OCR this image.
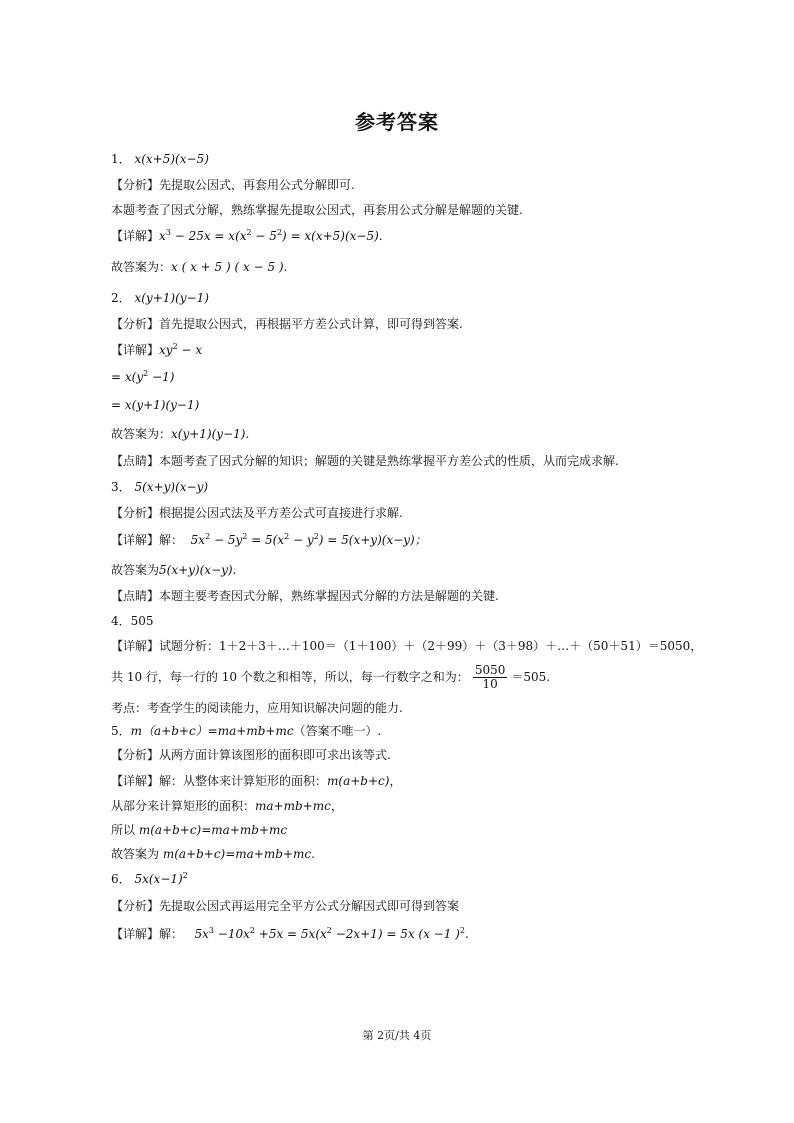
参考答案
1． x(x+5)(x−5)
【分析】先提取公因式，再套用公式分解即可.
本题考查了因式分解，熟练掌握先提取公因式，再套用公式分解是解题的关键.
【详解】$x^3 - 25x = x(x^2 - 5^2) = x(x+5)(x-5)$.
故答案为：x ( x + 5 ) ( x − 5 ).
2． x(y+1)(y−1)
【分析】首先提取公因式，再根据平方差公式计算，即可得到答案.
【详解】$xy^2 - x$
= $x(y^2 -1)$
= x(y+1)(y−1)
故答案为：x(y+1)(y−1).
【点睛】本题考查了因式分解的知识；解题的关键是熟练掌握平方差公式的性质，从而完成求解.
3． 5(x+y)(x−y)
【分析】根据提公因式法及平方差公式可直接进行求解.
【详解】解： $5x^2 - 5y^2 = 5(x^2 - y^2) = 5(x+y)(x-y)$；
故答案为5(x+y)(x−y).
【点睛】本题主要考查因式分解，熟练掌握因式分解的方法是解题的关键.
4．505
【详解】试题分析：1＋2＋3＋…＋100＝（1＋100）＋（2＋99）＋（3＋98）＋…＋（50＋51）＝5050，
共 10 行，每一行的 10 个数之和相等，所以，每一行数字之和为： $\frac{5050}{10} =505$.
考点：考查学生的阅读能力，应用知识解决问题的能力.
5．m（a+b+c）=ma+mb+mc（答案不唯一）.
【分析】从两方面计算该图形的面积即可求出该等式.
【详解】解：从整体来计算矩形的面积：m(a+b+c)，
从部分来计算矩形的面积：ma+mb+mc，
所以 m(a+b+c)=ma+mb+mc
故答案为 m(a+b+c)=ma+mb+mc.
6． $5x(x-1)^2$
【分析】先提取公因式再运用完全平方公式分解因式即可得到答案
【详解】解： $5x^3 -10x^2 +5x = 5x(x^2 -2x+1) = 5x$ (x −1 )$^2$.
第 2页/共 4页
